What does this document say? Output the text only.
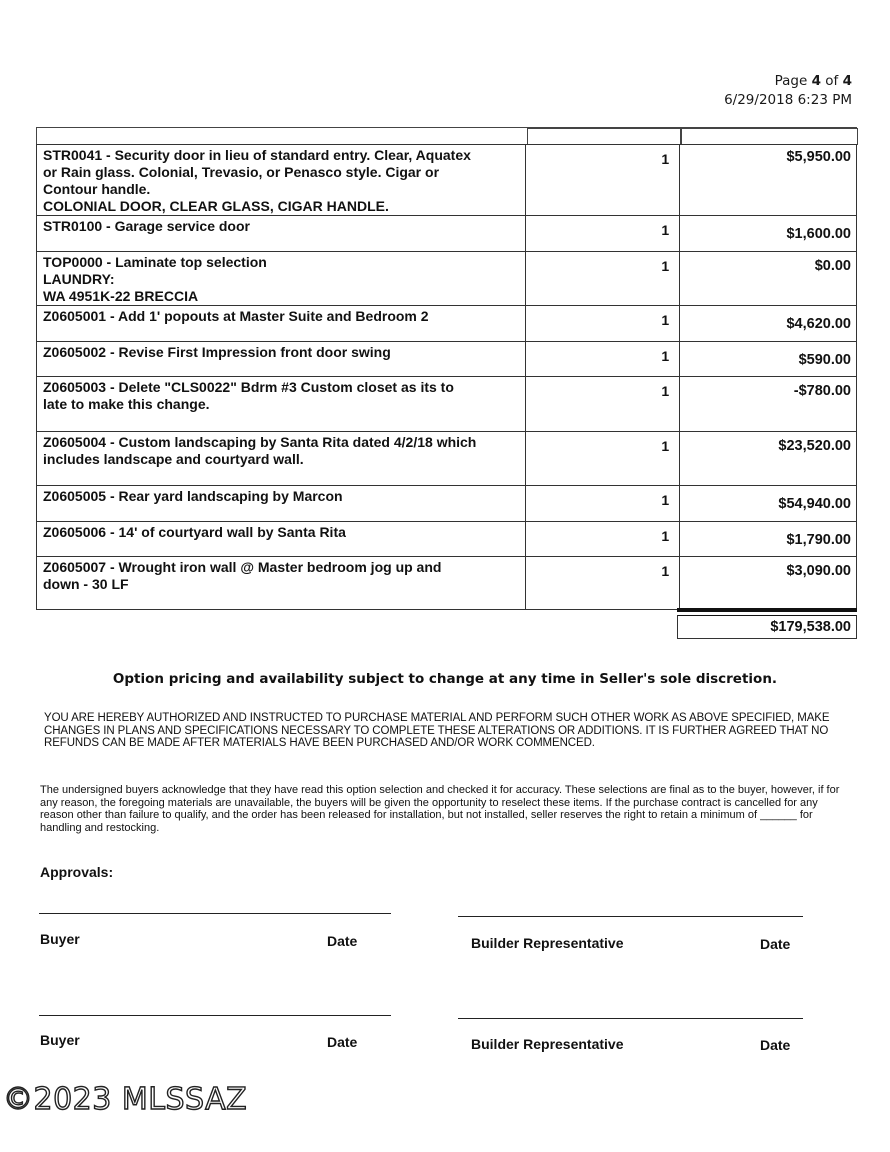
Page 4 of 4
6/29/2018 6:23 PM
STR0041 - Security door in lieu of standard entry. Clear, Aquatex
or Rain glass. Colonial, Trevasio, or Penasco style. Cigar or
Contour handle.
COLONIAL DOOR, CLEAR GLASS, CIGAR HANDLE.
1	$5,950.00
STR0100 - Garage service door	1	$1,600.00
TOP0000 - Laminate top selection
LAUNDRY:
WA 4951K-22 BRECCIA
1	$0.00
Z0605001 - Add 1' popouts at Master Suite and Bedroom 2	1	$4,620.00
Z0605002 - Revise First Impression front door swing	1	$590.00
Z0605003 - Delete "CLS0022" Bdrm #3 Custom closet as its to
late to make this change.
1	-$780.00
Z0605004 - Custom landscaping by Santa Rita dated 4/2/18 which
includes landscape and courtyard wall.
1	$23,520.00
Z0605005 - Rear yard landscaping by Marcon	1	$54,940.00
Z0605006 - 14' of courtyard wall by Santa Rita	1	$1,790.00
Z0605007 - Wrought iron wall @ Master bedroom jog up and
down - 30 LF
1	$3,090.00
$179,538.00
Option pricing and availability subject to change at any time in Seller's sole discretion.
YOU ARE HEREBY AUTHORIZED AND INSTRUCTED TO PURCHASE MATERIAL AND PERFORM SUCH OTHER WORK AS ABOVE SPECIFIED, MAKE CHANGES IN PLANS AND SPECIFICATIONS NECESSARY TO COMPLETE THESE ALTERATIONS OR ADDITIONS. IT IS FURTHER AGREED THAT NO REFUNDS CAN BE MADE AFTER MATERIALS HAVE BEEN PURCHASED AND/OR WORK COMMENCED.
The undersigned buyers acknowledge that they have read this option selection and checked it for accuracy. These selections are final as to the buyer, however, if for any reason, the foregoing materials are unavailable, the buyers will be given the opportunity to reselect these items. If the purchase contract is cancelled for any reason other than failure to qualify, and the order has been released for installation, but not installed, seller reserves the right to retain a minimum of ______ for handling and restocking.
Approvals:
Buyer	Date	Builder Representative	Date
Buyer	Date	Builder Representative	Date
©2023 MLSSAZ
